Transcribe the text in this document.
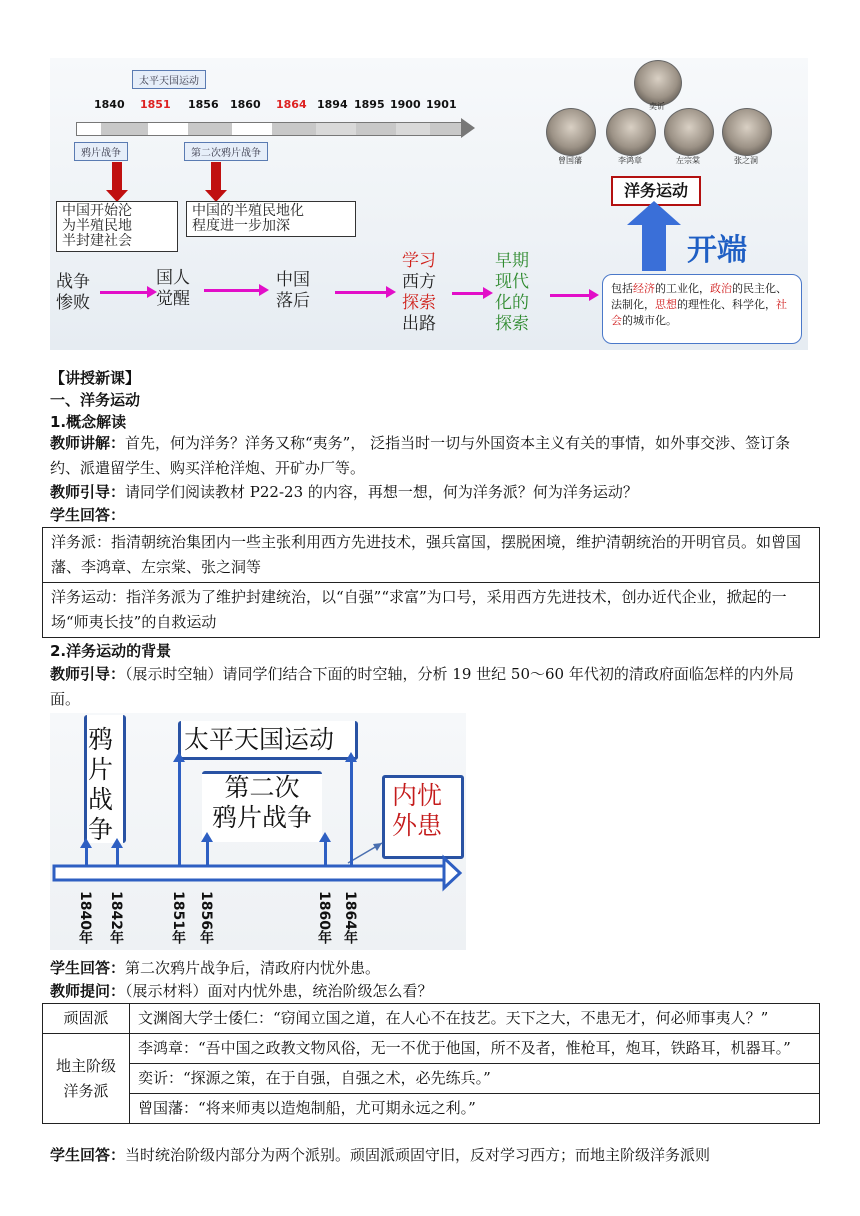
太平天国运动
1840 1851 1856 1860 1864 1894 1895 1900 1901
鸦片战争	第二次鸦片战争
中国开始沦
为半殖民地
半封建社会
中国的半殖民地化
程度进一步加深
战争
惨败
国人
觉醒
中国
落后
学习
西方
探索
出路
早期
现代
化的
探索
奕䜣
曾国藩	李鸿章	左宗棠	张之洞
洋务运动
开端
包括经济的工业化，政治的民主化、法制化，思想的理性化、科学化，社会的城市化。
【讲授新课】
一、洋务运动
1.概念解读
教师讲解：首先，何为洋务？洋务又称“夷务”， 泛指当时一切与外国资本主义有关的事情，如外事交涉、签订条约、派遣留学生、购买洋枪洋炮、开矿办厂等。
教师引导：请同学们阅读教材 P22-23 的内容，再想一想，何为洋务派？何为洋务运动？
学生回答：
洋务派：指清朝统治集团内一些主张利用西方先进技术，强兵富国，摆脱困境，维护清朝统治的开明官员。如曾国藩、李鸿章、左宗棠、张之洞等
洋务运动：指洋务派为了维护封建统治，以“自强”“求富”为口号，采用西方先进技术，创办近代企业，掀起的一场“师夷长技”的自救运动
2.洋务运动的背景
教师引导：（展示时空轴）请同学们结合下面的时空轴，分析 19 世纪 50～60 年代初的清政府面临怎样的内外局面。
鸦
片
战
争
太平天国运动
第二次
鸦片战争
内忧
外患
1840年 1842年	1851年 1856年	1860年 1864年
学生回答：第二次鸦片战争后，清政府内忧外患。
教师提问：（展示材料）面对内忧外患，统治阶级怎么看？
顽固派	文渊阁大学士倭仁：“窃闻立国之道，在人心不在技艺。天下之大，不患无才，何必师事夷人？”

地主阶级
洋务派	李鸿章：“吾中国之政教文物风俗，无一不优于他国，所不及者，惟枪耳，炮耳，铁路耳，机器耳。”
	奕䜣：“探源之策，在于自强，自强之术，必先练兵。”
	曾国藩：“将来师夷以造炮制船，尤可期永远之利。”
学生回答：当时统治阶级内部分为两个派别。顽固派顽固守旧，反对学习西方；而地主阶级洋务派则
